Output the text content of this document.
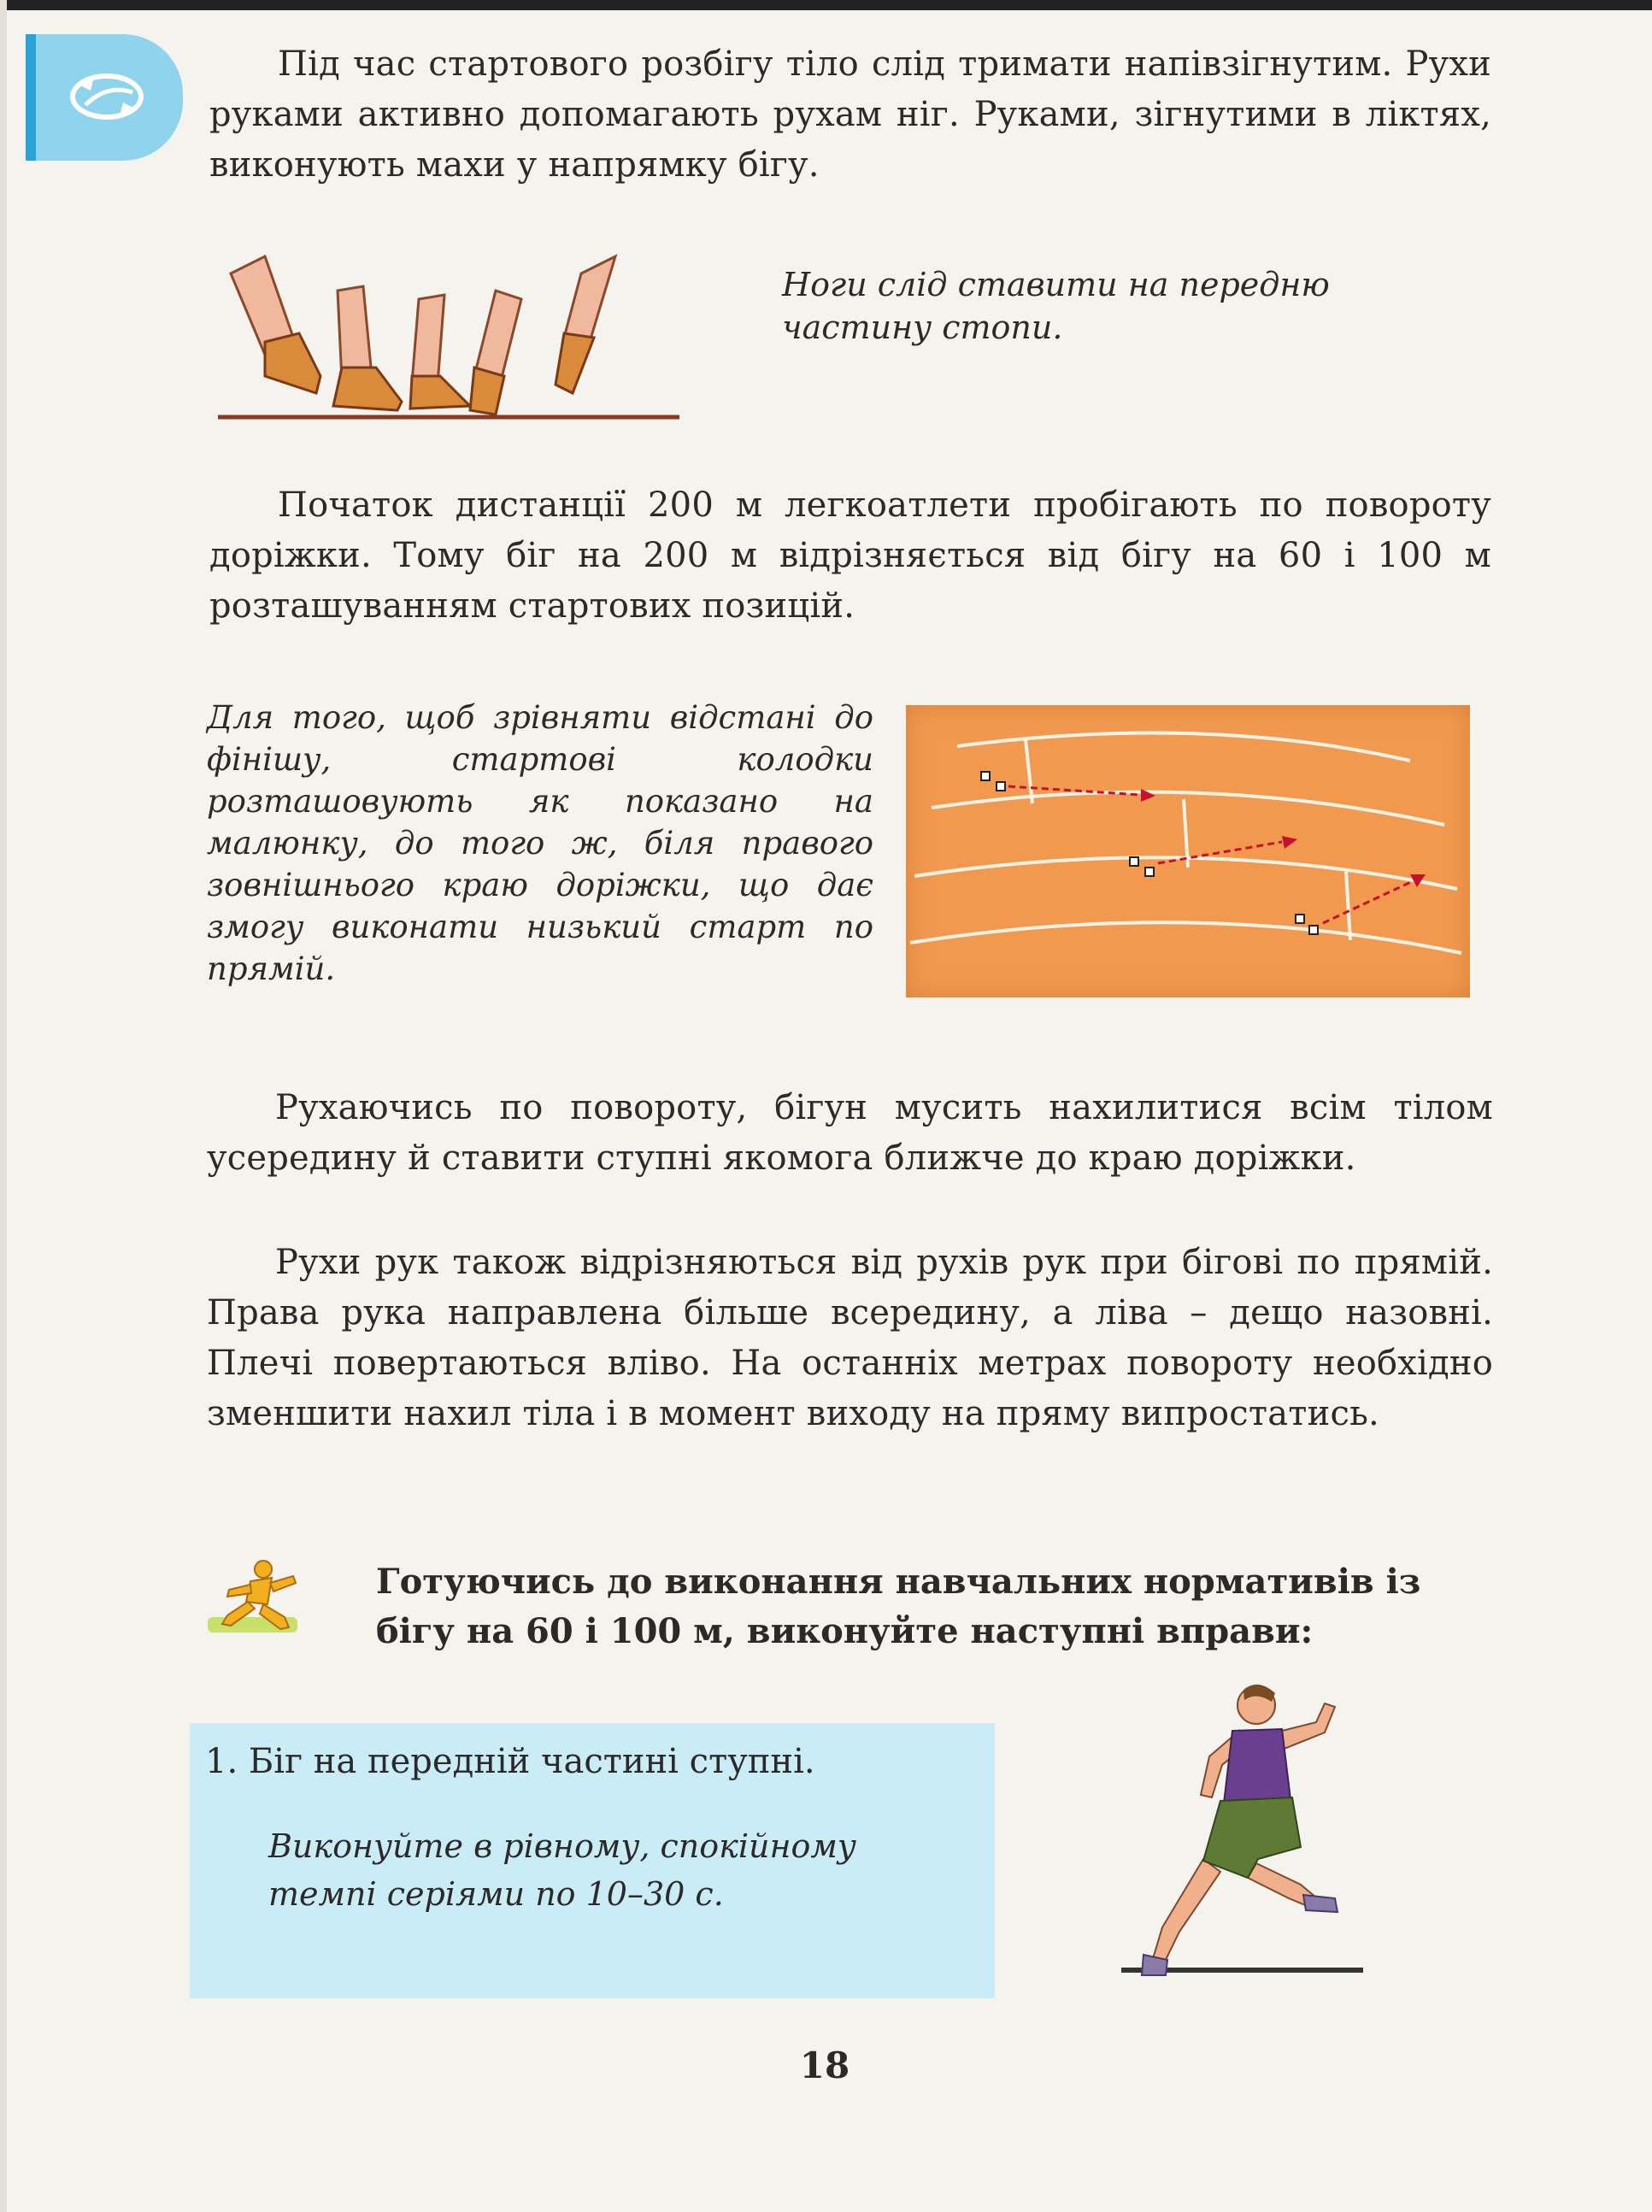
Під час стартового розбігу тіло слід тримати напівзігнутим. Рухи руками активно допомагають рухам ніг. Руками, зігнутими в ліктях, виконують махи у напрямку бігу.

Ноги слід ставити на передню частину стопи.

Початок дистанції 200 м легкоатлети пробігають по повороту доріжки. Тому біг на 200 м відрізняється від бігу на 60 і 100 м розташуванням стартових позицій.

Для того, щоб зрівняти відстані до фінішу, стартові колодки розташовують як показано на малюнку, до того ж, біля правого зовнішнього краю доріжки, що дає змогу виконати низький старт по прямій.

Рухаючись по повороту, бігун мусить нахилитися всім тілом усередину й ставити ступні якомога ближче до краю доріжки.

Рухи рук також відрізняються від рухів рук при бігові по прямій. Права рука направлена більше всередину, а ліва – дещо назовні. Плечі повертаються вліво. На останніх метрах повороту необхідно зменшити нахил тіла і в момент виходу на пряму випростатись.

Готуючись до виконання навчальних нормативів із бігу на 60 і 100 м, виконуйте наступні вправи:

1. Біг на передній частині ступні.

Виконуйте в рівному, спокійному темпі серіями по 10–30 с.

18
